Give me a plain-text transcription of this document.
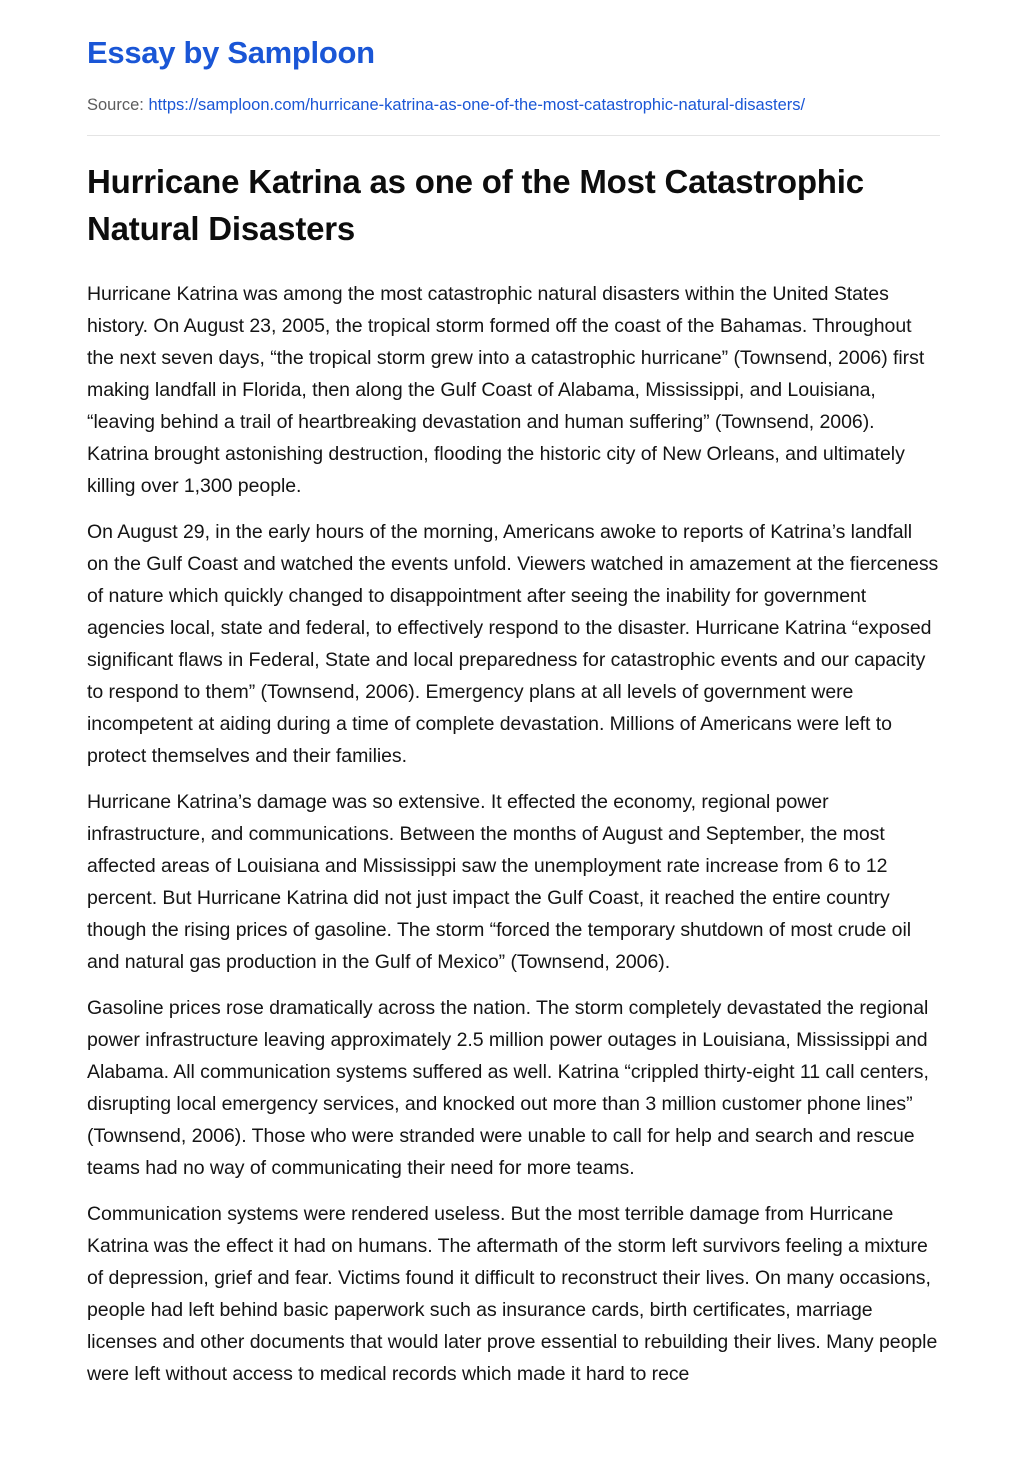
Essay by Samploon
Source: https://samploon.com/hurricane-katrina-as-one-of-the-most-catastrophic-natural-disasters/
Hurricane Katrina as one of the Most Catastrophic Natural Disasters

Hurricane Katrina was among the most catastrophic natural disasters within the United States history. On August 23, 2005, the tropical storm formed off the coast of the Bahamas. Throughout the next seven days, “the tropical storm grew into a catastrophic hurricane” (Townsend, 2006) first making landfall in Florida, then along the Gulf Coast of Alabama, Mississippi, and Louisiana, “leaving behind a trail of heartbreaking devastation and human suffering” (Townsend, 2006). Katrina brought astonishing destruction, flooding the historic city of New Orleans, and ultimately killing over 1,300 people.

On August 29, in the early hours of the morning, Americans awoke to reports of Katrina’s landfall on the Gulf Coast and watched the events unfold. Viewers watched in amazement at the fierceness of nature which quickly changed to disappointment after seeing the inability for government agencies local, state and federal, to effectively respond to the disaster. Hurricane Katrina “exposed significant flaws in Federal, State and local preparedness for catastrophic events and our capacity to respond to them” (Townsend, 2006). Emergency plans at all levels of government were incompetent at aiding during a time of complete devastation. Millions of Americans were left to protect themselves and their families.

Hurricane Katrina’s damage was so extensive. It effected the economy, regional power infrastructure, and communications. Between the months of August and September, the most affected areas of Louisiana and Mississippi saw the unemployment rate increase from 6 to 12 percent. But Hurricane Katrina did not just impact the Gulf Coast, it reached the entire country though the rising prices of gasoline. The storm “forced the temporary shutdown of most crude oil and natural gas production in the Gulf of Mexico” (Townsend, 2006).

Gasoline prices rose dramatically across the nation. The storm completely devastated the regional power infrastructure leaving approximately 2.5 million power outages in Louisiana, Mississippi and Alabama. All communication systems suffered as well. Katrina “crippled thirty-eight 11 call centers, disrupting local emergency services, and knocked out more than 3 million customer phone lines” (Townsend, 2006). Those who were stranded were unable to call for help and search and rescue teams had no way of communicating their need for more teams.

Communication systems were rendered useless. But the most terrible damage from Hurricane Katrina was the effect it had on humans. The aftermath of the storm left survivors feeling a mixture of depression, grief and fear. Victims found it difficult to reconstruct their lives. On many occasions, people had left behind basic paperwork such as insurance cards, birth certificates, marriage licenses and other documents that would later prove essential to rebuilding their lives. Many people were left without access to medical records which made it hard to rece
